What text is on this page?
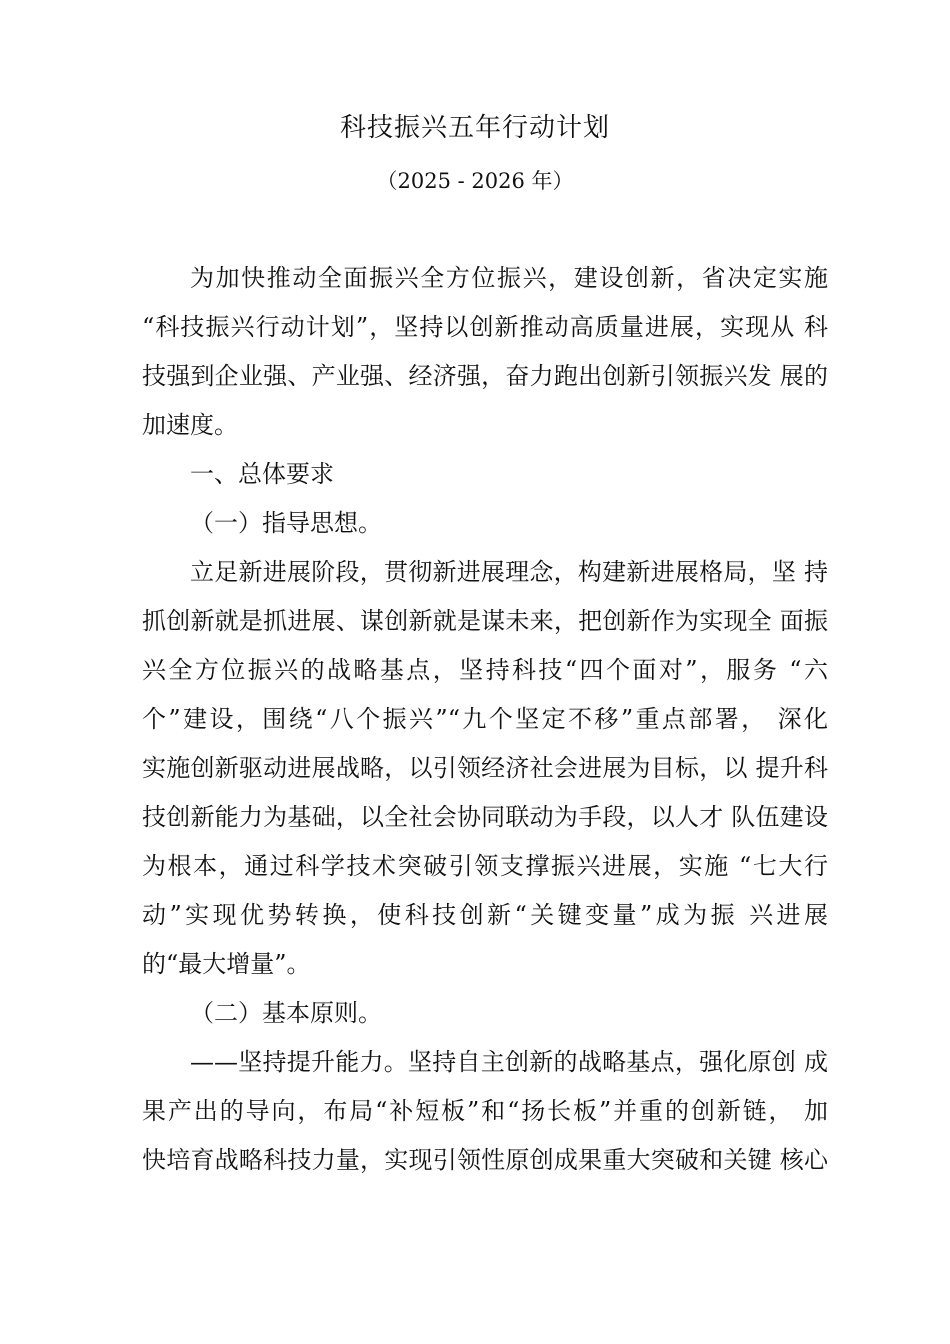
科技振兴五年行动计划
（2025 - 2026 年）
为加快推动全面振兴全方位振兴，建设创新，省决定实施
“科技振兴行动计划”，坚持以创新推动高质量进展，实现从 科
技强到企业强、产业强、经济强，奋力跑出创新引领振兴发 展的
加速度。
一、总体要求
（一）指导思想。
立足新进展阶段，贯彻新进展理念，构建新进展格局，坚 持
抓创新就是抓进展、谋创新就是谋未来，把创新作为实现全 面振
兴全方位振兴的战略基点，坚持科技“四个面对”，服务 “六
个”建设，围绕“八个振兴”“九个坚定不移”重点部署， 深化
实施创新驱动进展战略，以引领经济社会进展为目标，以 提升科
技创新能力为基础，以全社会协同联动为手段，以人才 队伍建设
为根本，通过科学技术突破引领支撑振兴进展，实施 “七大行
动”实现优势转换，使科技创新“关键变量”成为振 兴进展
的“最大增量”。
（二）基本原则。
——坚持提升能力。坚持自主创新的战略基点，强化原创 成
果产出的导向，布局“补短板”和“扬长板”并重的创新链， 加
快培育战略科技力量，实现引领性原创成果重大突破和关键 核心
